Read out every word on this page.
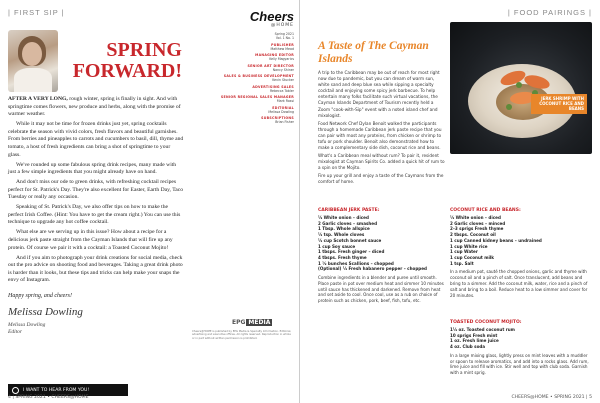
| FIRST SIP |
SPRING
FORWARD!

AFTER A VERY LONG, rough winter, spring is finally in sight. And with springtime comes flowers, new produce and herbs, along with the promise of warmer weather.

While it may not be time for frozen drinks just yet, spring cocktails celebrate the season with vivid colors, fresh flavors and beautiful garnishes. From berries and pineapples to carrots and cucumbers to basil, dill, thyme and tomato, a host of fresh ingredients can bring a shot of springtime to your glass.

We've rounded up some fabulous spring drink recipes, many made with just a few simple ingredients that you might already have on hand.

And don't miss our ode to green drinks, with refreshing cocktail recipes perfect for St. Patrick's Day. They're also excellent for Easter, Earth Day, Taco Tuesday or really any occasion.

Speaking of St. Patrick's Day, we also offer tips on how to make the perfect Irish Coffee. (Hint: You have to get the cream right.) You can use this technique to upgrade any hot coffee cocktail.

What else are we serving up in this issue? How about a recipe for a delicious jerk paste straight from the Cayman Islands that will fire up any protein. Of course we pair it with a cocktail: a Toasted Coconut Mojito!

And if you aim to photograph your drink creations for social media, check out the pro advice on shooting food and beverages. Taking a great drink photo is harder than it looks, but these tips and tricks can help make your snaps the envy of Instagram.

Happy spring, and cheers!
Melissa Dowling
Melissa Dowling
Editor
I WANT TO HEAR FROM YOU!
Cheers
@HOME
Spring 2021
Vol. 1 No. 1
PUBLISHER
Matthew Mead
MANAGING EDITOR
Kelly Magyarics
SENIOR ART DIRECTOR
Nancy Shiner
SALES & BUSINESS DEVELOPMENT
Kevin Stucker
ADVERTISING SALES
Rebecca Tobler
SENIOR REGIONAL SALES MANAGER
Mark Rossi
EDITORIAL
Melissa Dowling
SUBSCRIPTIONS
Brian Fisher
EPG MEDIA
Cheers@HOME is published by EPG Media & Specialty Information. Editorial, advertising and executive offices. All rights reserved. Reproduction in whole or in part without written permission is prohibited.
4 | SPRING 2021 • CHEERS@HOME
| FOOD PAIRINGS |
A Taste of The Cayman Islands

A trip to the Caribbean may be out of reach for most right now due to pandemic, but you can dream of warm sun, white sand and deep blue sea while sipping a specialty cocktail and enjoying some spicy jerk barbecue. To help entertain many folks facilitate such virtual vacations, the Cayman Islands Department of Tourism recently held a Zoom "cook-with-Sip" event with a noted island chef and mixologist.

Food Network Chef Dylan Benoit walked the participants through a homemade Caribbean jerk paste recipe that you can pair with most any proteins, from chicken or shrimp to tofu or pork shoulder. Benoit also demonstrated how to make a complementary side dish, coconut rice and beans.

What's a Caribbean meal without rum? To pair it, resident mixologist at Cayman Spirits Co. added a quick hit of rum to a spin on the Mojito.

Fire up your grill and enjoy a taste of the Caymans from the comfort of home.

JERK SHRIMP WITH COCONUT RICE AND BEANS
CARIBBEAN JERK PASTE:
½ White onion – diced
2 Garlic cloves – smashed
1 Tbsp. Whole allspice
½ tsp. Whole cloves
½ cup Scotch bonnet sauce
1 cup Soy sauce
1 tbsps. Fresh ginger – diced
4 tbsps. Fresh thyme
1 ½ bunches Scallions – chopped
(Optional) ½ Fresh habanero pepper – chopped
Combine ingredients in a blender and puree until smooth. Place paste in pot over medium heat and simmer 10 minutes until sauce has thickened and darkened. Remove from heat and set aside to cool. Once cool, use as a rub on choice of protein such as chicken, pork, beef, fish, tofu, etc.
COCONUT RICE AND BEANS:
½ White onion – diced
2 Garlic cloves – minced
2–3 sprigs Fresh thyme
2 tbsps. Coconut oil
1 cup Canned kidney beans – undrained
1 cup White rice
1 cup Water
1 cup Coconut milk
1 tsp. Salt
In a medium pot, sauté the chopped onions, garlic and thyme with coconut oil and a pinch of salt. Once translucent, add beans and bring to a simmer. Add the coconut milk, water, rice and a pinch of salt and bring to a boil. Reduce heat to a low simmer and cover for 20 minutes.
TOASTED COCONUT MOJITO:
1½ oz. Toasted coconut rum
10 sprigs Fresh mint
1 oz. Fresh lime juice
4 oz. Club soda
In a large mixing glass, lightly press on mint leaves with a muddler or spoon to release aromatics, and add into a rocks glass. Add rum, lime juice and fill with ice. Stir well and top with club soda. Garnish with a mint sprig.
CHEERS@HOME • SPRING 2021 | 5
